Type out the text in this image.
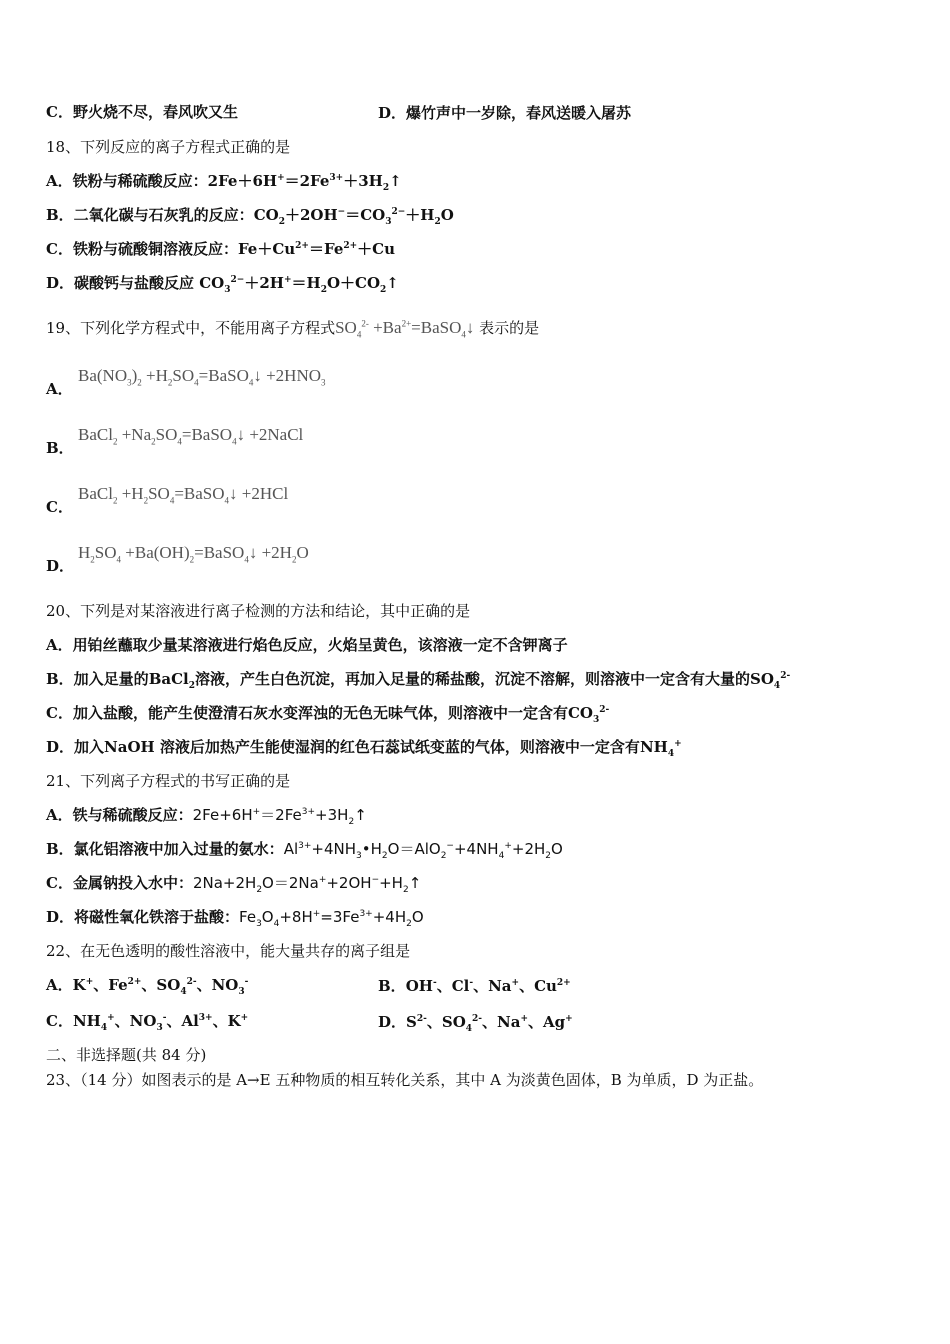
C．野火烧不尽，春风吹又生	D．爆竹声中一岁除，春风送暖入屠苏
18、下列反应的离子方程式正确的是
A．铁粉与稀硫酸反应：$2Fe+6H^+=2Fe^{3+}+3H_2↑$
B．二氧化碳与石灰乳的反应：$CO_2+2OH^-=CO_3^{2-}+H_2O$
C．铁粉与硫酸铜溶液反应：$Fe+Cu^{2+}=Fe^{2+}+Cu$
D．碳酸钙与盐酸反应 $CO_3^{2-}+2H^+=H_2O+CO_2↑$
19、下列化学方程式中，不能用离子方程式$SO_4^{2-}$ $+Ba^{2+}=BaSO_4↓$ 表示的是
A．
$Ba(NO_3)_2$ $+H_2SO_4=BaSO_4↓ +2HNO_3$
B．
BaCl$_2$ $+Na_2SO_4=BaSO_4↓$ +2NaCl
C．
BaCl$_2$ $+H_2SO_4=BaSO_4↓ +2HCl$
D．
$H_2SO_4$ $+Ba(OH)_2=BaSO_4↓ +2H_2O$
20、下列是对某溶液进行离子检测的方法和结论，其中正确的是
A．用铂丝蘸取少量某溶液进行焰色反应，火焰呈黄色，该溶液一定不含钾离子
B．加入足量的BaCl$_2$溶液，产生白色沉淀，再加入足量的稀盐酸，沉淀不溶解，则溶液中一定含有大量的$SO_4^{2-}$
C．加入盐酸，能产生使澄清石灰水变浑浊的无色无味气体，则溶液中一定含有$CO_3^{2-}$
D．加入NaOH 溶液后加热产生能使湿润的红色石蕊试纸变蓝的气体，则溶液中一定含有$NH_4^+$
21、下列离子方程式的书写正确的是
A．铁与稀硫酸反应：$2Fe+6H^+=2Fe^{3+}+3H_2↑$
B．氯化铝溶液中加入过量的氨水：$Al^{3+}+4NH_3•H_2O=AlO_2^-+4NH_4^++2H_2O$
C．金属钠投入水中：$2Na+2H_2O=2Na^++2OH^-+H_2↑$
D．将磁性氧化铁溶于盐酸：$Fe_3O_4+8H^+=3Fe^{3+}+4H_2O$
22、在无色透明的酸性溶液中，能大量共存的离子组是
A．K+、$Fe^{2+}$、$SO_4^{2-}$、$NO_3^-$	B．OH-、Cl-、Na+、$Cu^{2+}$
C．$NH_4^+$、$NO_3^-$、$Al^{3+}$、K+	D．$S^{2-}$、$SO_4^{2-}$、Na+、Ag+
二、非选择题(共 84 分)
23、（14 分）如图表示的是 A→E 五种物质的相互转化关系，其中 A 为淡黄色固体，B 为单质，D 为正盐。
